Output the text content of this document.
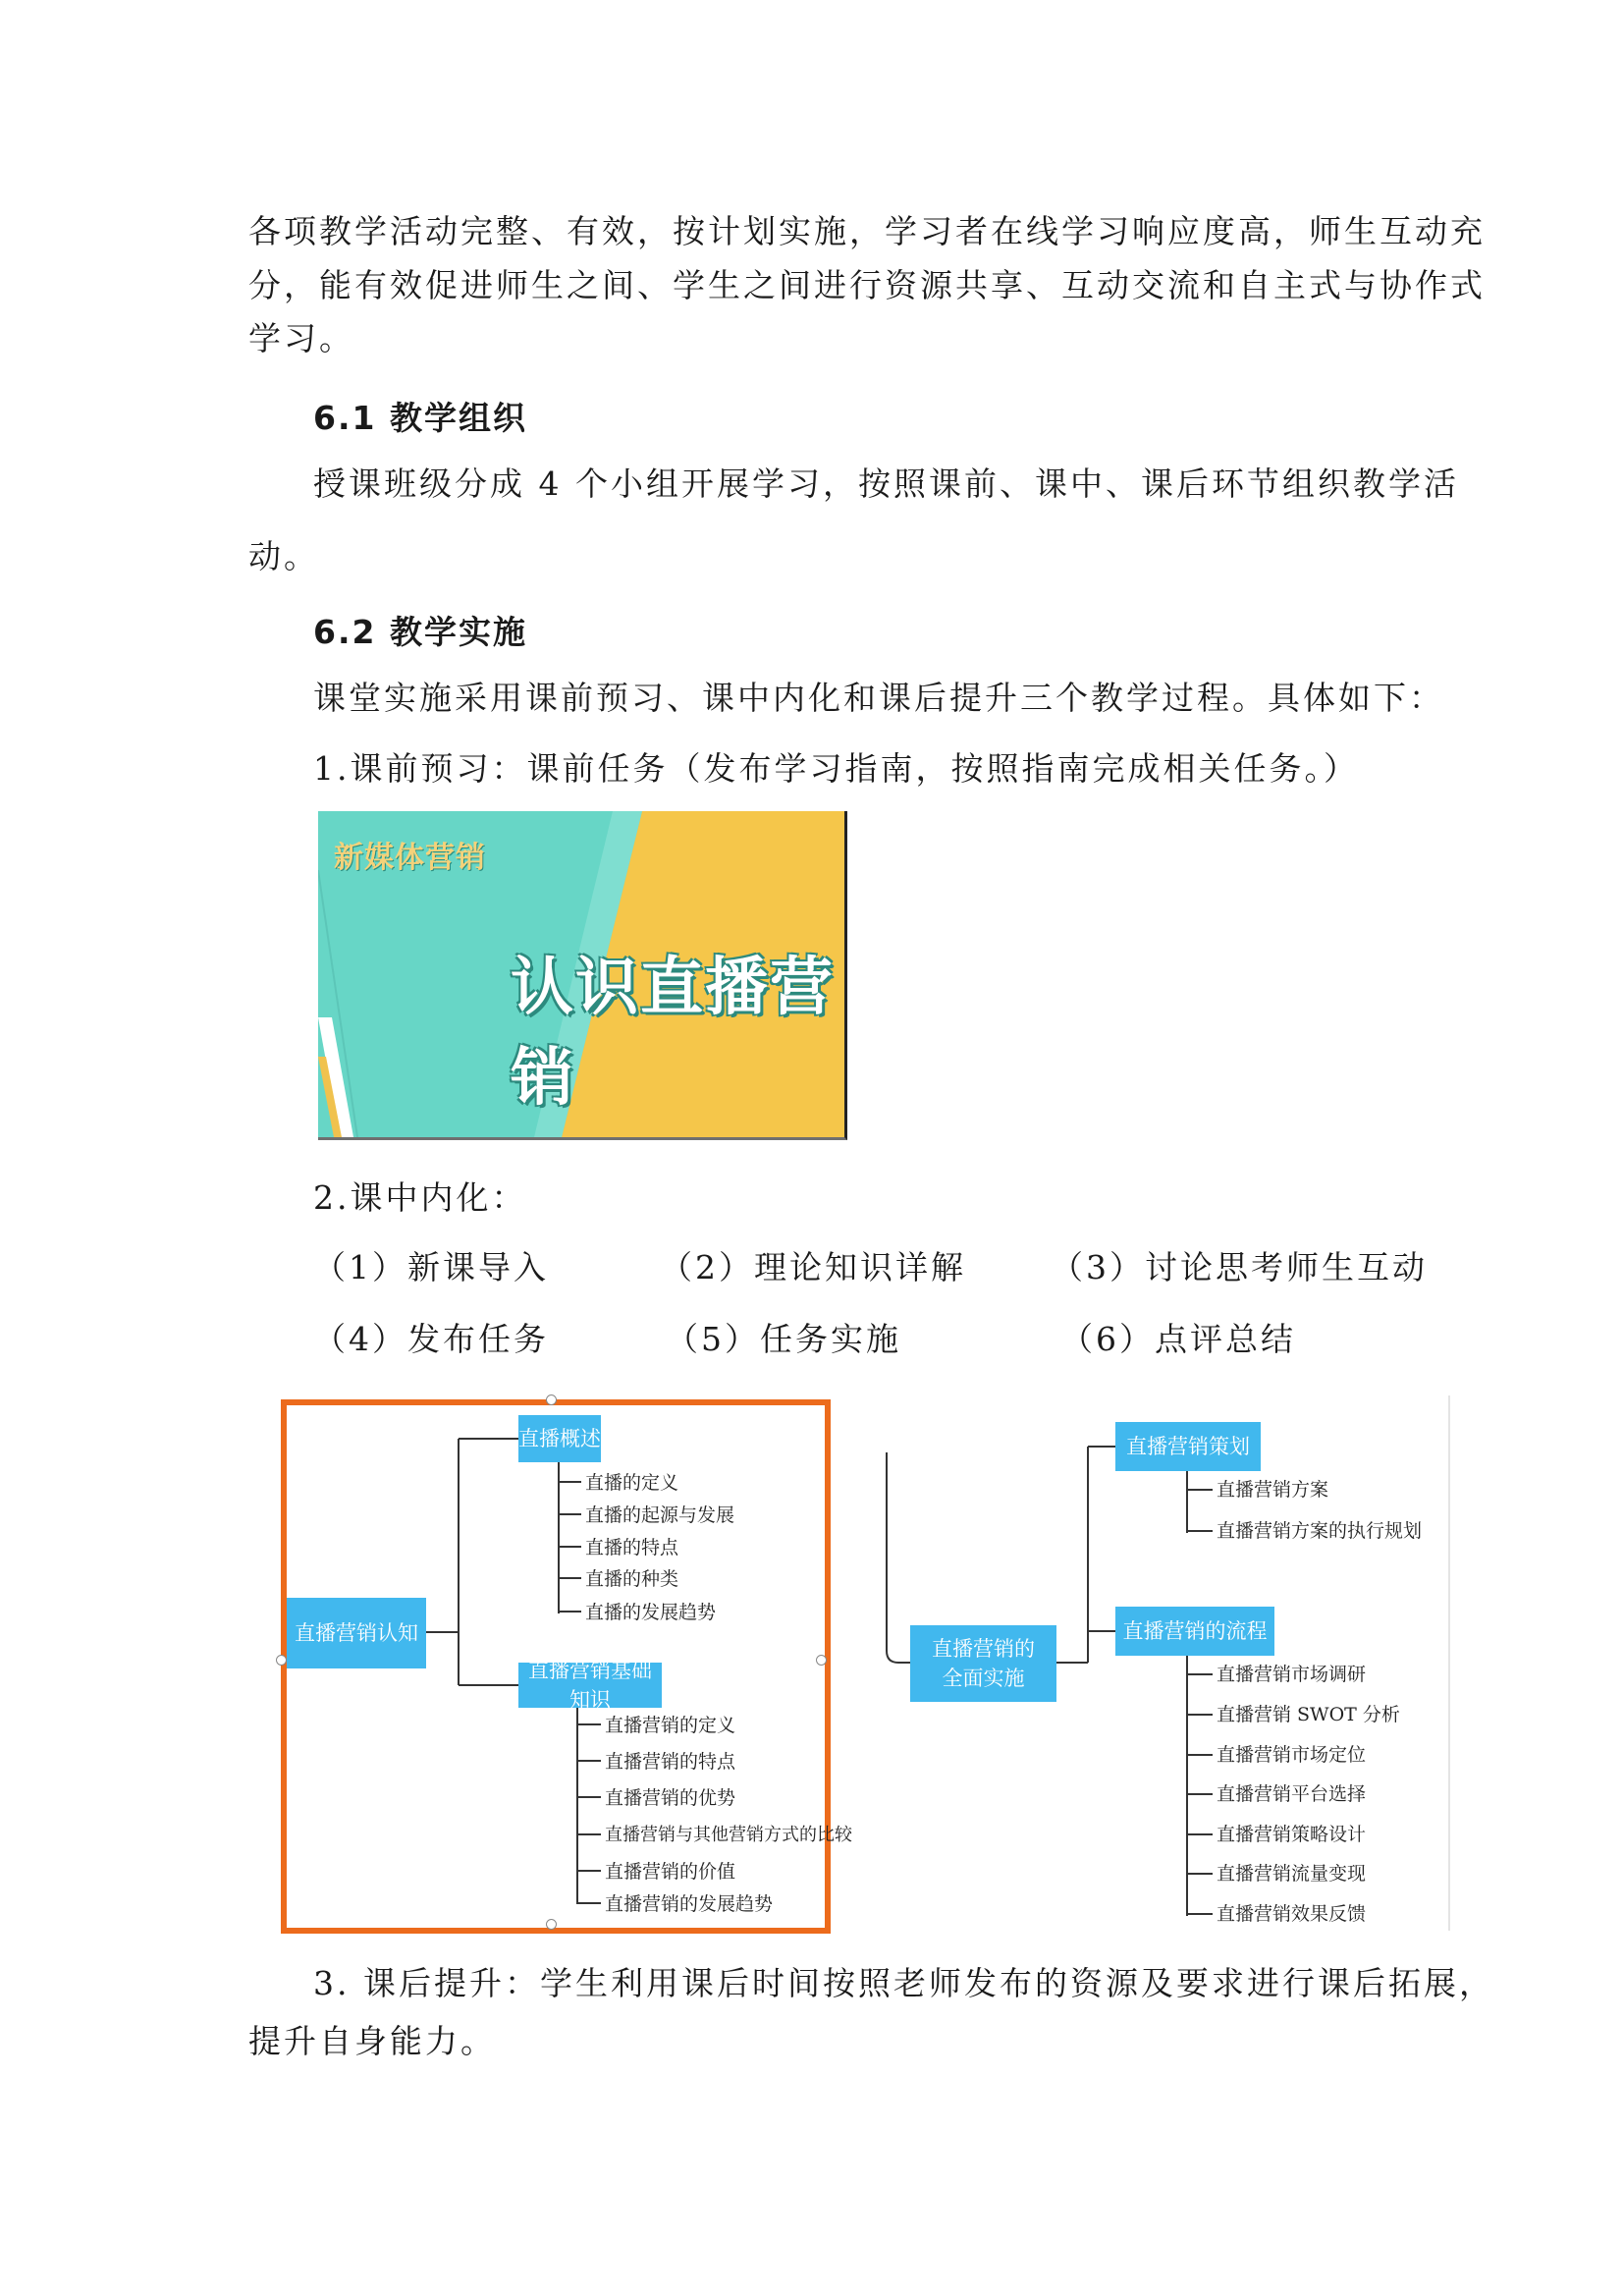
各项教学活动完整、有效，按计划实施，学习者在线学习响应度高，师生互动充
分，能有效促进师生之间、学生之间进行资源共享、互动交流和自主式与协作式
学习。
6.1 教学组织
授课班级分成 4 个小组开展学习，按照课前、课中、课后环节组织教学活
动。
6.2 教学实施
课堂实施采用课前预习、课中内化和课后提升三个教学过程。具体如下：
1.课前预习：课前任务（发布学习指南，按照指南完成相关任务。）
新媒体营销
认识直播营销
2.课中内化：
（1）新课导入	（2）理论知识详解	（3）讨论思考师生互动
（4）发布任务	（5）任务实施	（6）点评总结
直播营销认知
直播概述
直播的定义
直播的起源与发展
直播的特点
直播的种类
直播的发展趋势
直播营销基础知识
直播营销的定义
直播营销的特点
直播营销的优势
直播营销与其他营销方式的比较
直播营销的价值
直播营销的发展趋势
直播营销的
全面实施
直播营销策划
直播营销方案
直播营销方案的执行规划
直播营销的流程
直播营销市场调研
直播营销 SWOT 分析
直播营销市场定位
直播营销平台选择
直播营销策略设计
直播营销流量变现
直播营销效果反馈
3. 课后提升：学生利用课后时间按照老师发布的资源及要求进行课后拓展，
提升自身能力。
